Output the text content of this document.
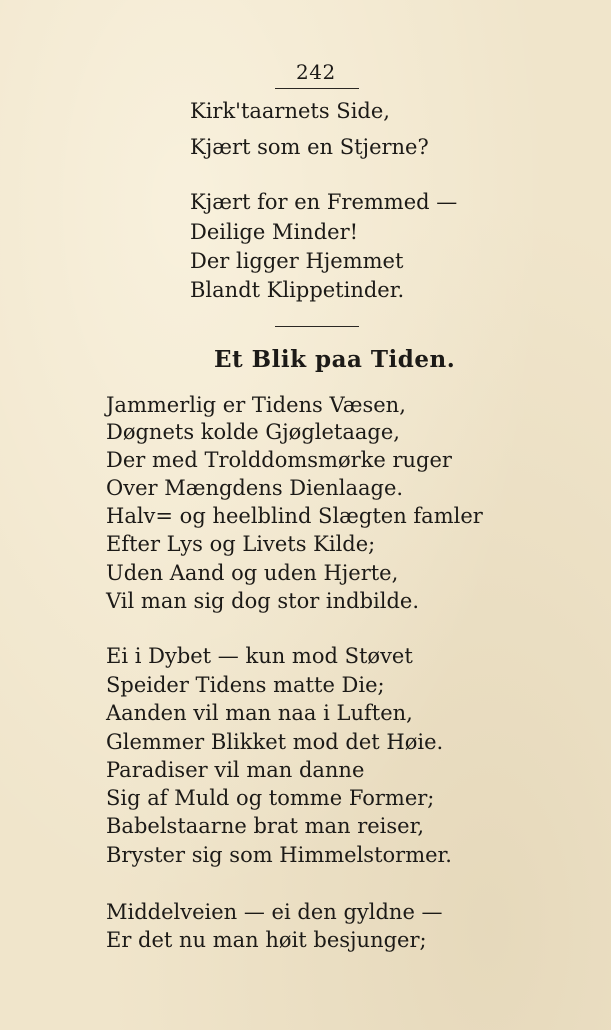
242
Kirk'taarnets Side,
Kjært som en Stjerne?
Kjært for en Fremmed —
Deilige Minder!
Der ligger Hjemmet
Blandt Klippetinder.
Et Blik paa Tiden.
Jammerlig er Tidens Væsen,
Døgnets kolde Gjøgletaage,
Der med Trolddomsmørke ruger
Over Mængdens Dienlaage.
Halv= og heelblind Slægten famler
Efter Lys og Livets Kilde;
Uden Aand og uden Hjerte,
Vil man sig dog stor indbilde.
Ei i Dybet — kun mod Støvet
Speider Tidens matte Die;
Aanden vil man naa i Luften,
Glemmer Blikket mod det Høie.
Paradiser vil man danne
Sig af Muld og tomme Former;
Babelstaarne brat man reiser,
Bryster sig som Himmelstormer.
Middelveien — ei den gyldne —
Er det nu man høit besjunger;
